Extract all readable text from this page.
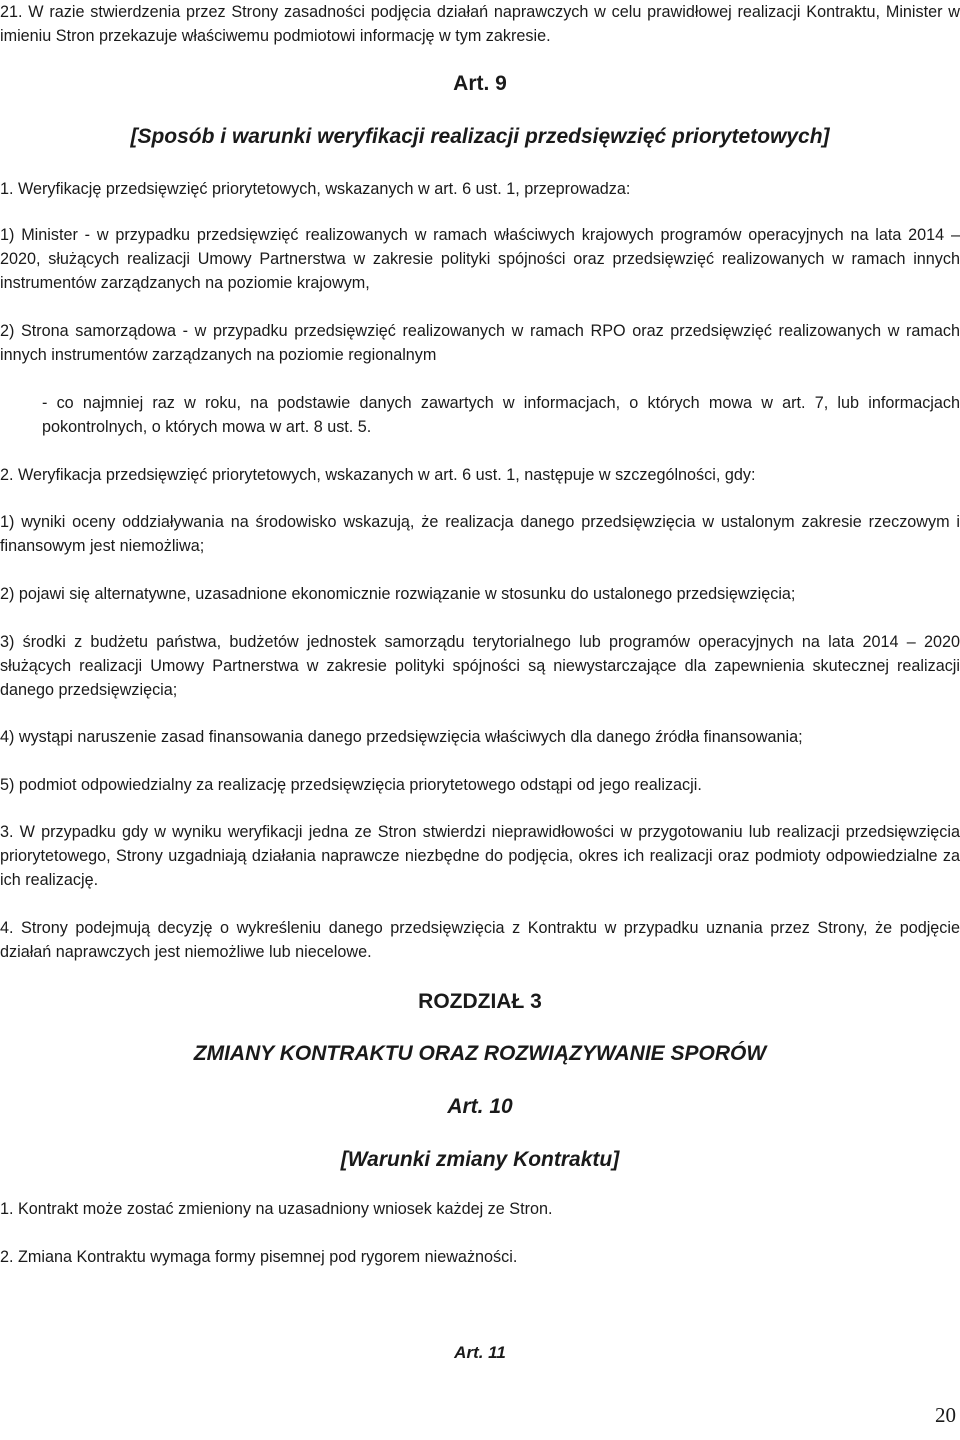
21. W razie stwierdzenia przez Strony zasadności podjęcia działań naprawczych w celu prawidłowej realizacji Kontraktu, Minister w imieniu Stron przekazuje właściwemu podmiotowi informację w tym zakresie.

Art. 9

[Sposób i warunki weryfikacji realizacji przedsięwzięć priorytetowych]

1. Weryfikację przedsięwzięć priorytetowych, wskazanych w art. 6 ust. 1, przeprowadza:

1) Minister - w przypadku przedsięwzięć realizowanych w ramach właściwych krajowych programów operacyjnych na lata 2014 – 2020, służących realizacji Umowy Partnerstwa w zakresie polityki spójności oraz przedsięwzięć realizowanych w ramach innych instrumentów zarządzanych na poziomie krajowym,

2) Strona samorządowa - w przypadku przedsięwzięć realizowanych w ramach RPO oraz przedsięwzięć realizowanych w ramach innych instrumentów zarządzanych na poziomie regionalnym

- co najmniej raz w roku, na podstawie danych zawartych w informacjach, o których mowa w art. 7, lub informacjach pokontrolnych, o których mowa w art. 8 ust. 5.

2. Weryfikacja przedsięwzięć priorytetowych, wskazanych w art. 6 ust. 1, następuje w szczególności, gdy:

1) wyniki oceny oddziaływania na środowisko wskazują, że realizacja danego przedsięwzięcia w ustalonym zakresie rzeczowym i finansowym jest niemożliwa;

2) pojawi się alternatywne, uzasadnione ekonomicznie rozwiązanie w stosunku do ustalonego przedsięwzięcia;

3) środki z budżetu państwa, budżetów jednostek samorządu terytorialnego lub programów operacyjnych na lata 2014 – 2020 służących realizacji Umowy Partnerstwa w zakresie polityki spójności są niewystarczające dla zapewnienia skutecznej realizacji danego przedsięwzięcia;

4) wystąpi naruszenie zasad finansowania danego przedsięwzięcia właściwych dla danego źródła finansowania;

5) podmiot odpowiedzialny za realizację przedsięwzięcia priorytetowego odstąpi od jego realizacji.

3. W przypadku gdy w wyniku weryfikacji jedna ze Stron stwierdzi nieprawidłowości w przygotowaniu lub realizacji przedsięwzięcia priorytetowego, Strony uzgadniają działania naprawcze niezbędne do podjęcia, okres ich realizacji oraz podmioty odpowiedzialne za ich realizację.

4. Strony podejmują decyzję o wykreśleniu danego przedsięwzięcia z Kontraktu w przypadku uznania przez Strony, że podjęcie działań naprawczych jest niemożliwe lub niecelowe.

ROZDZIAŁ 3

ZMIANY KONTRAKTU ORAZ ROZWIĄZYWANIE SPORÓW

Art. 10

[Warunki zmiany Kontraktu]

1. Kontrakt może zostać zmieniony na uzasadniony wniosek każdej ze Stron.

2. Zmiana Kontraktu wymaga formy pisemnej pod rygorem nieważności.

Art. 11

20
